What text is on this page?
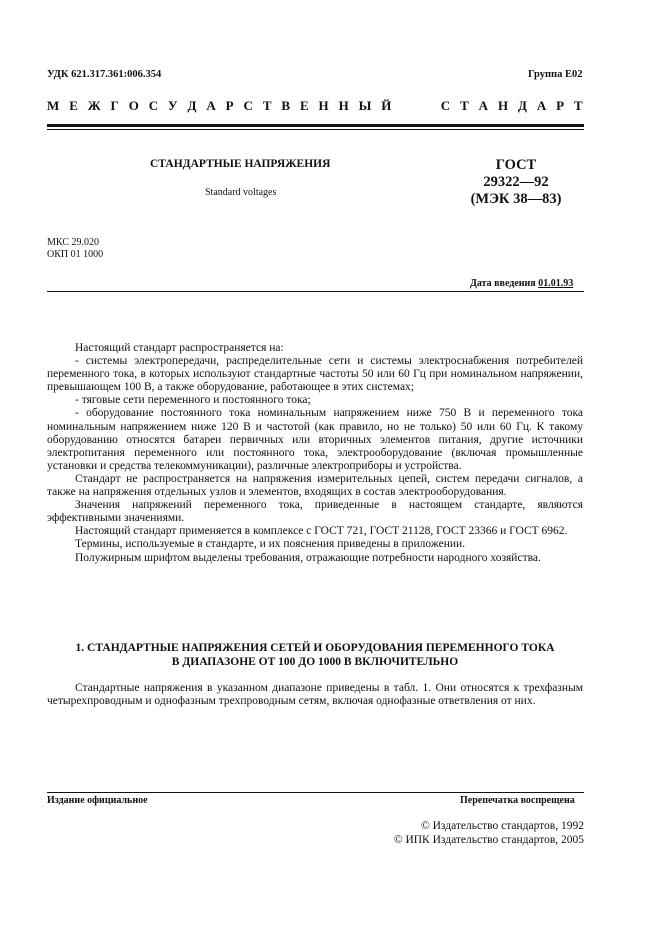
УДК 621.317.361:006.354	Группа Е02
М Е Ж Г О С У Д А Р С Т В Е Н Н Ы Й

	С Т А Н Д А Р Т
СТАНДАРТНЫЕ НАПРЯЖЕНИЯ
Standard voltages
ГОСТ
29322—92
(МЭК 38—83)
МКС 29.020
ОКП 01 1000
Дата введения 01.01.93

Настоящий стандарт распространяется на:

- системы электропередачи, распределительные сети и системы электроснабжения потребителей переменного тока, в которых используют стандартные частоты 50 или 60 Гц при номинальном напряжении, превышающем 100 В, а также оборудование, работающее в этих системах;

- тяговые сети переменного и постоянного тока;

- оборудование постоянного тока номинальным напряжением ниже 750 В и переменного тока номинальным напряжением ниже 120 В и частотой (как правило, но не только) 50 или 60 Гц. К такому оборудованию относятся батареи первичных или вторичных элементов питания, другие источники электропитания переменного или постоянного тока, электрооборудование (включая промышленные установки и средства телекоммуникации), различные электроприборы и устройства.

Стандарт не распространяется на напряжения измерительных цепей, систем передачи сигналов, а также на напряжения отдельных узлов и элементов, входящих в состав электрооборудования.

Значения напряжений переменного тока, приведенные в настоящем стандарте, являются эффективными значениями.

Настоящий стандарт применяется в комплексе с ГОСТ 721, ГОСТ 21128, ГОСТ 23366 и ГОСТ 6962.

Термины, используемые в стандарте, и их пояснения приведены в приложении.

Полужирным шрифтом выделены требования, отражающие потребности народного хозяйства.

1. СТАНДАРТНЫЕ НАПРЯЖЕНИЯ СЕТЕЙ И ОБОРУДОВАНИЯ ПЕРЕМЕННОГО ТОКА
В ДИАПАЗОНЕ ОТ 100 ДО 1000 В ВКЛЮЧИТЕЛЬНО

Стандартные напряжения в указанном диапазоне приведены в табл. 1. Они относятся к трехфазным четырехпроводным и однофазным трехпроводным сетям, включая однофазные ответвления от них.

Издание официальное	Перепечатка воспрещена
© Издательство стандартов, 1992
© ИПК Издательство стандартов, 2005
